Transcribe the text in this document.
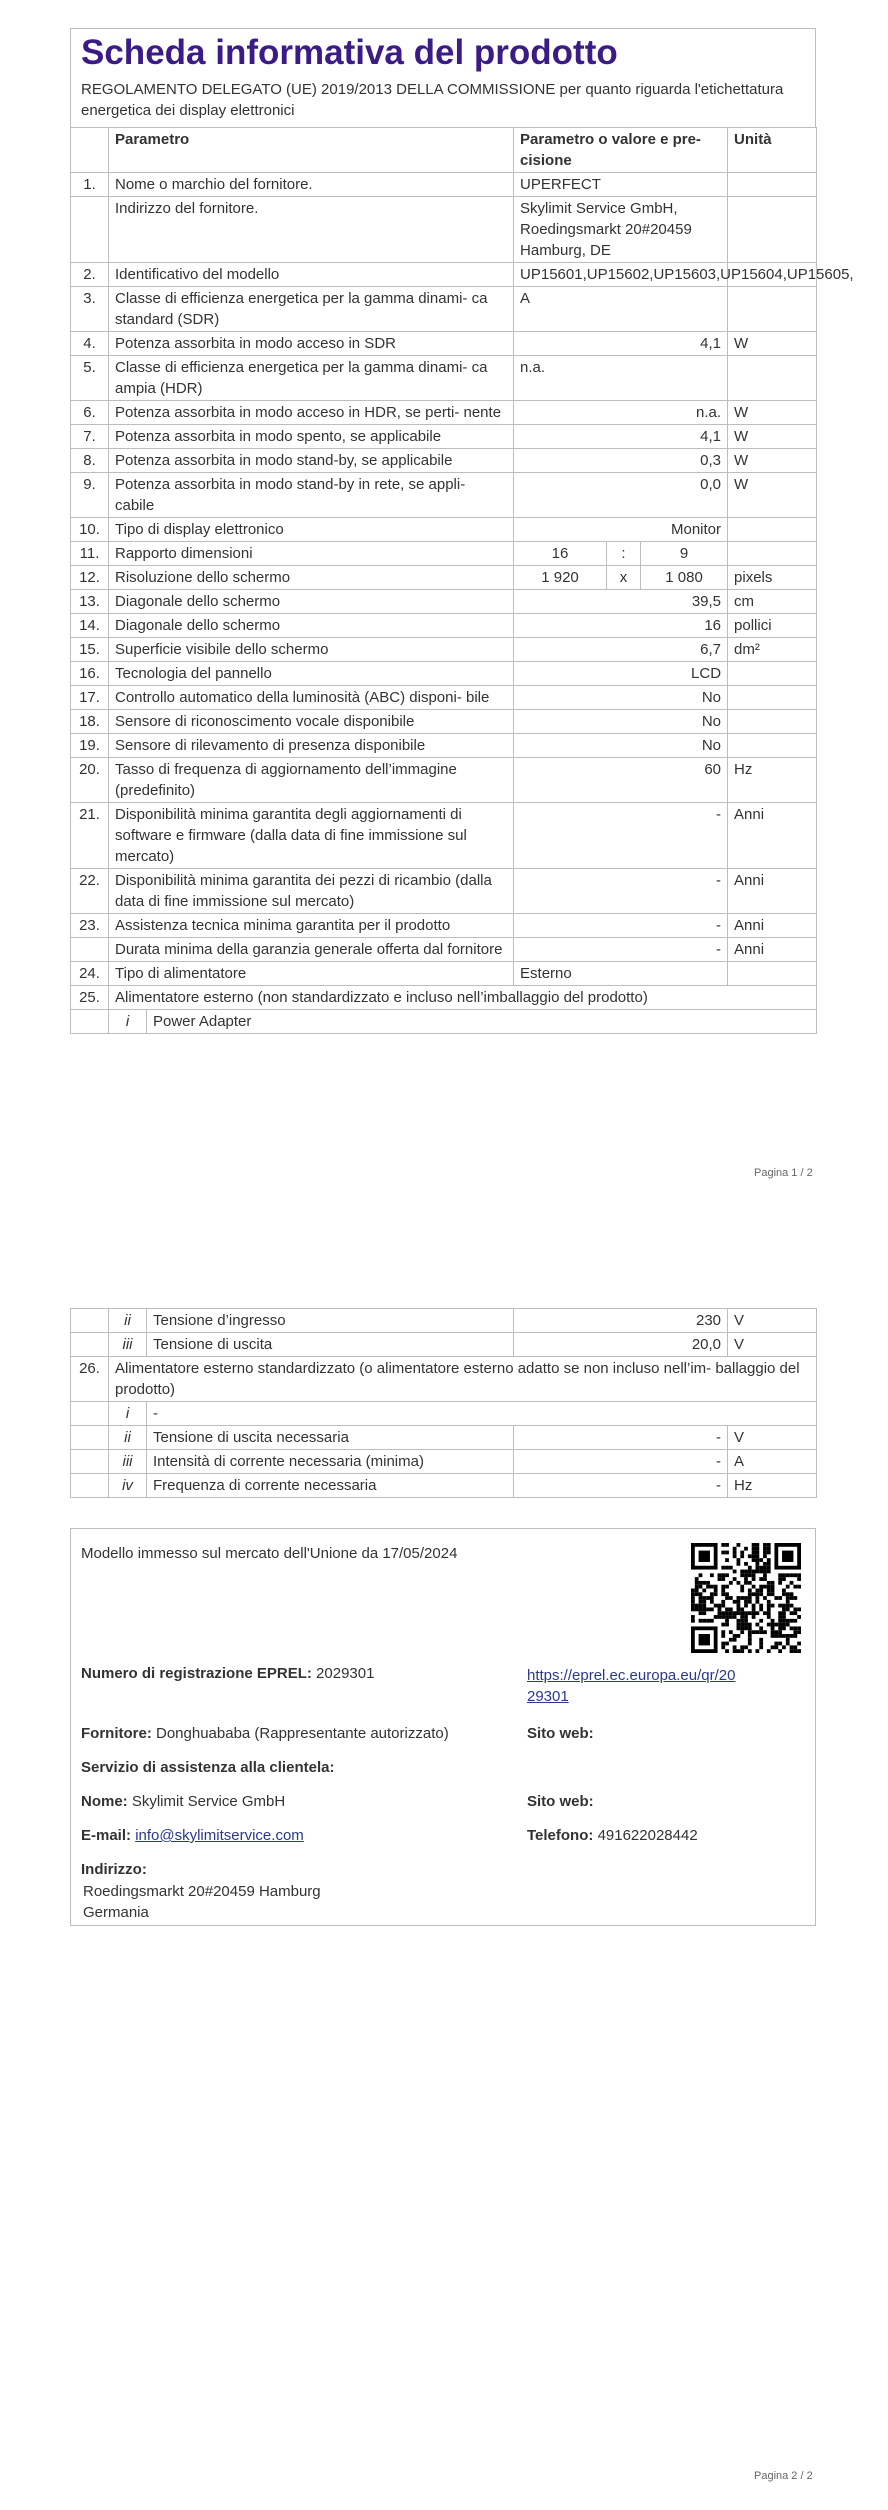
Scheda informativa del prodotto
REGOLAMENTO DELEGATO (UE) 2019/2013 DELLA COMMISSIONE per quanto riguarda l'etichettatura energetica dei display elettronici
	Parametro		Parametro o valore e pre- cisione			Unità
1.	Nome o marchio del fornitore.		UPERFECT			
	Indirizzo del fornitore.		Skylimit Service GmbH, Roedingsmarkt 20#20459 Hamburg, DE			
2.	Identificativo del modello		UP15601,UP15602,UP15603,UP15604,UP15605,			
3.	Classe di efficienza energetica per la gamma dinami- ca standard (SDR)		A			
4.	Potenza assorbita in modo acceso in SDR		4,1			W
5.	Classe di efficienza energetica per la gamma dinami- ca ampia (HDR)		n.a.			
6.	Potenza assorbita in modo acceso in HDR, se perti- nente		n.a.			W
7.	Potenza assorbita in modo spento, se applicabile		4,1			W
8.	Potenza assorbita in modo stand-by, se applicabile		0,3			W
9.	Potenza assorbita in modo stand-by in rete, se appli- cabile		0,0			W
10.	Tipo di display elettronico		Monitor			
11.	Rapporto dimensioni		16	:	9	
12.	Risoluzione dello schermo		1 920	x	1 080	pixels
13.	Diagonale dello schermo		39,5			cm
14.	Diagonale dello schermo		16			pollici
15.	Superficie visibile dello schermo		6,7			dm²
16.	Tecnologia del pannello		LCD			
17.	Controllo automatico della luminosità (ABC) disponi- bile		No			
18.	Sensore di riconoscimento vocale disponibile		No			
19.	Sensore di rilevamento di presenza disponibile		No			
20.	Tasso di frequenza di aggiornamento dell’immagine (predefinito)		60			Hz
21.	Disponibilità minima garantita degli aggiornamenti di software e firmware (dalla data di fine immissione sul mercato)		-			Anni
22.	Disponibilità minima garantita dei pezzi di ricambio (dalla data di fine immissione sul mercato)		-			Anni
23.	Assistenza tecnica minima garantita per il prodotto		-			Anni
	Durata minima della garanzia generale offerta dal fornitore		-			Anni
24.	Tipo di alimentatore		Esterno			
25.	Alimentatore esterno (non standardizzato e incluso nell’imballaggio del prodotto)					
	i	Power Adapter				
Pagina 1 / 2
	ii	Tensione d’ingresso	230	V
	iii	Tensione di uscita	20,0	V
26.	Alimentatore esterno standardizzato (o alimentatore esterno adatto se non incluso nell’im- ballaggio del prodotto)			
	i	-		
	ii	Tensione di uscita necessaria	-	V
	iii	Intensità di corrente necessaria (minima)	-	A
	iv	Frequenza di corrente necessaria	-	Hz
Modello immesso sul mercato dell'Unione da 17/05/2024
Numero di registrazione EPREL: 2029301	https://eprel.ec.europa.eu/qr/20
29301
Fornitore: Donghuababa (Rappresentante autorizzato)	Sito web:
Servizio di assistenza alla clientela:
Nome: Skylimit Service GmbH	Sito web:
E-mail: info@skylimitservice.com	Telefono: 491622028442
Indirizzo:
Roedingsmarkt 20#20459 Hamburg
Germania
Pagina 2 / 2
